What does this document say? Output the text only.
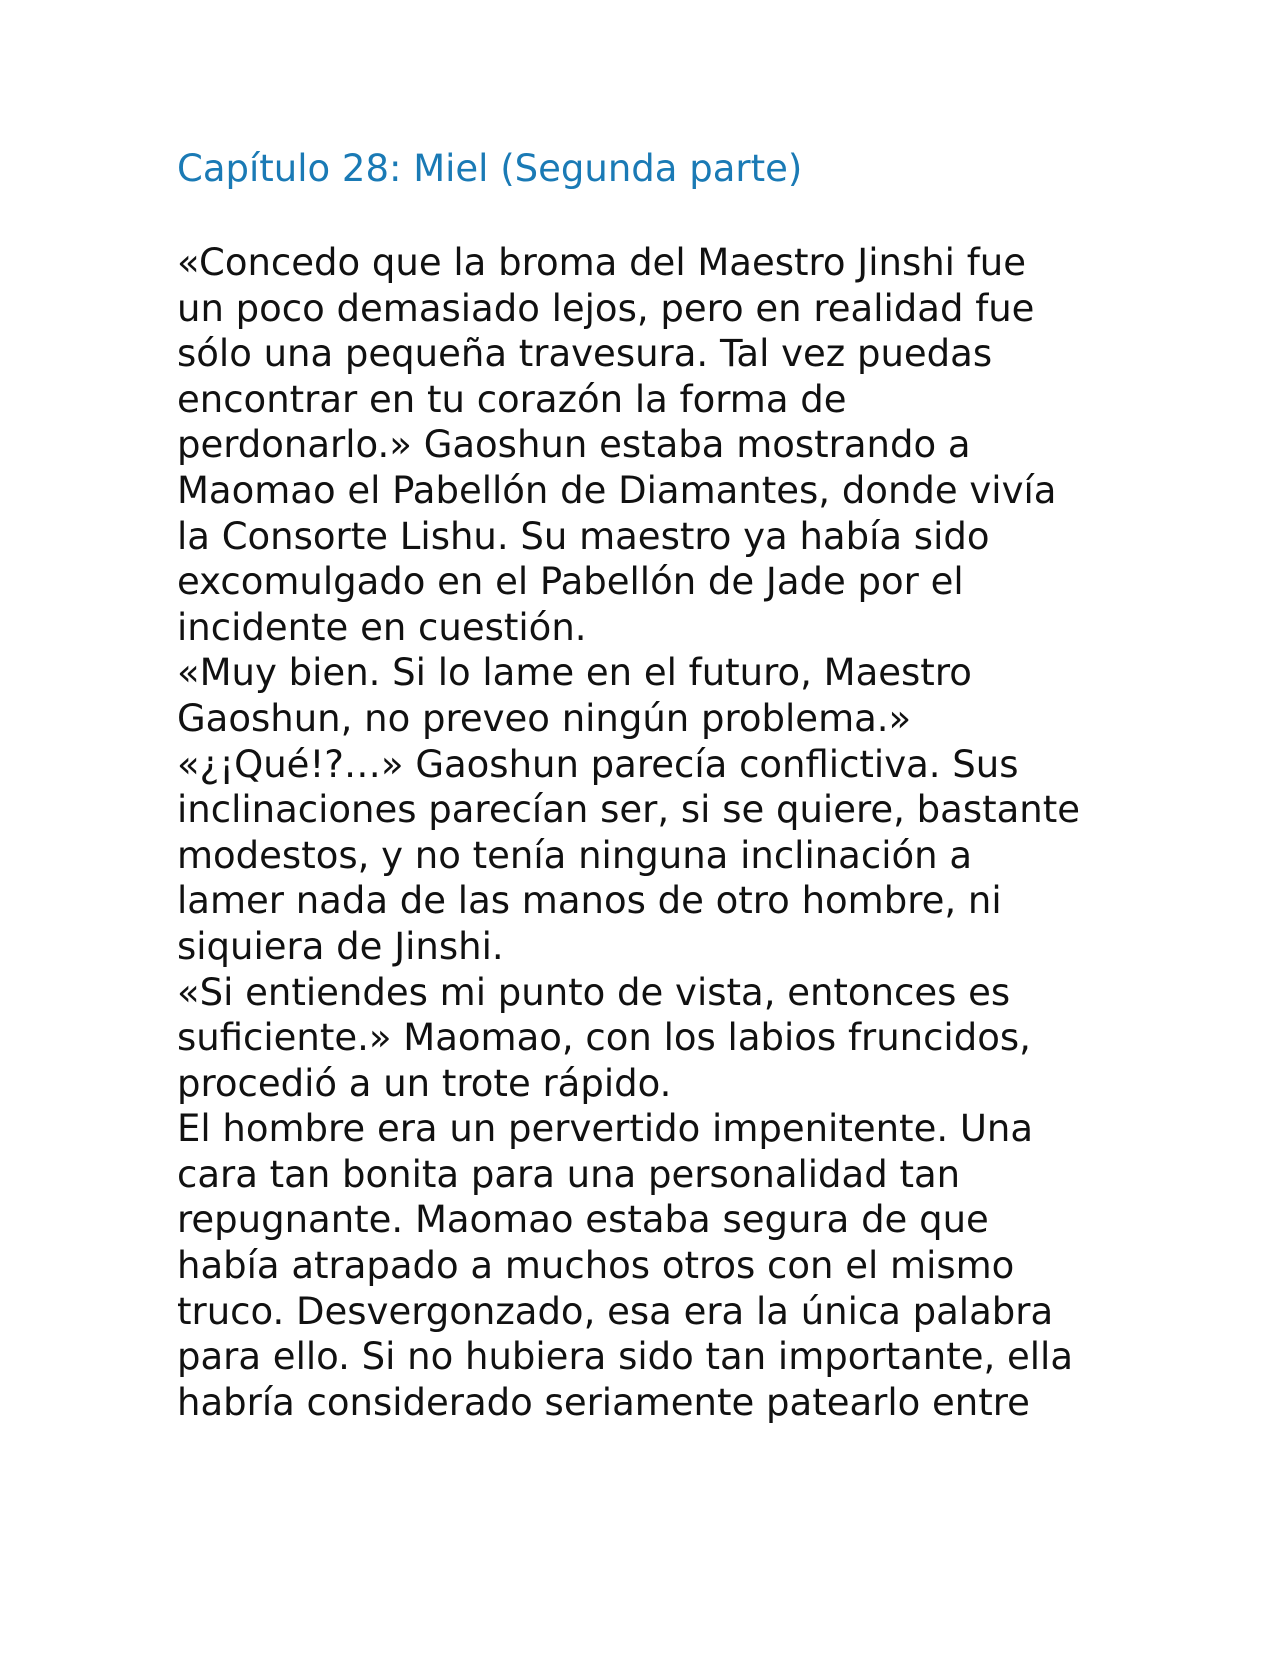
Capítulo 28: Miel (Segunda parte)
«Concedo que la broma del Maestro Jinshi fue
un poco demasiado lejos, pero en realidad fue
sólo una pequeña travesura. Tal vez puedas
encontrar en tu corazón la forma de
perdonarlo.» Gaoshun estaba mostrando a
Maomao el Pabellón de Diamantes, donde vivía
la Consorte Lishu. Su maestro ya había sido
excomulgado en el Pabellón de Jade por el
incidente en cuestión.
«Muy bien. Si lo lame en el futuro, Maestro
Gaoshun, no preveo ningún problema.»
«¿¡Qué!?…» Gaoshun parecía conflictiva. Sus
inclinaciones parecían ser, si se quiere, bastante
modestos, y no tenía ninguna inclinación a
lamer nada de las manos de otro hombre, ni
siquiera de Jinshi.
«Si entiendes mi punto de vista, entonces es
suficiente.» Maomao, con los labios fruncidos,
procedió a un trote rápido.
El hombre era un pervertido impenitente. Una
cara tan bonita para una personalidad tan
repugnante. Maomao estaba segura de que
había atrapado a muchos otros con el mismo
truco. Desvergonzado, esa era la única palabra
para ello. Si no hubiera sido tan importante, ella
habría considerado seriamente patearlo entre
